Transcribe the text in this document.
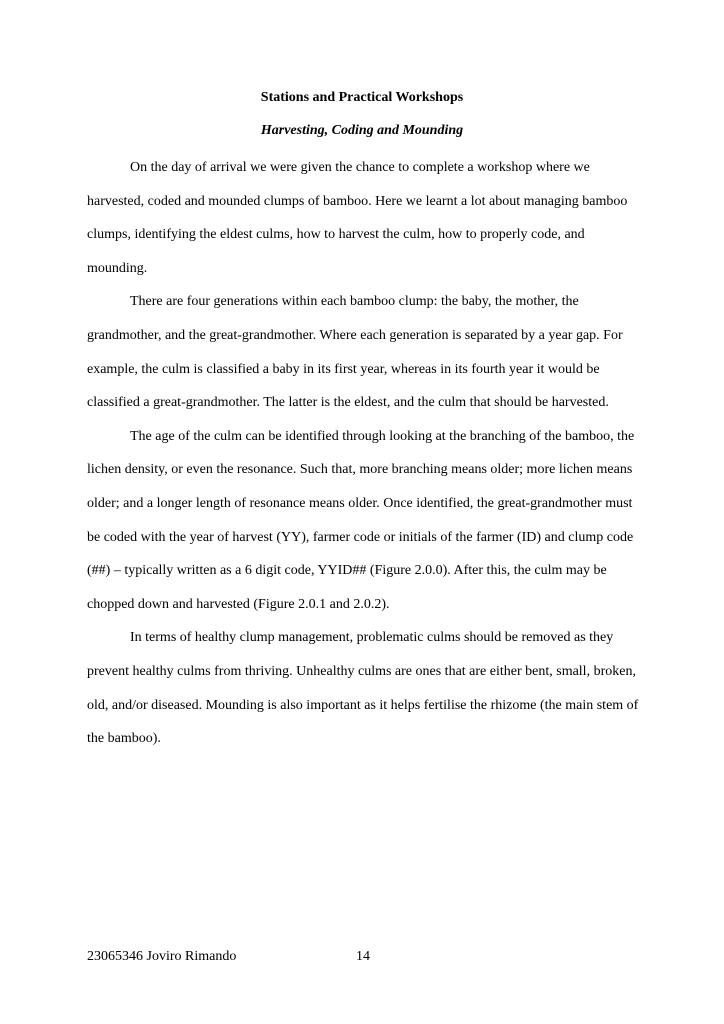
Stations and Practical Workshops

Harvesting, Coding and Mounding

On the day of arrival we were given the chance to complete a workshop where we harvested, coded and mounded clumps of bamboo. Here we learnt a lot about managing bamboo clumps, identifying the eldest culms, how to harvest the culm, how to properly code, and mounding.

There are four generations within each bamboo clump: the baby, the mother, the grandmother, and the great-grandmother. Where each generation is separated by a year gap. For example, the culm is classified a baby in its first year, whereas in its fourth year it would be classified a great-grandmother. The latter is the eldest, and the culm that should be harvested.

The age of the culm can be identified through looking at the branching of the bamboo, the lichen density, or even the resonance. Such that, more branching means older; more lichen means older; and a longer length of resonance means older. Once identified, the great-grandmother must be coded with the year of harvest (YY), farmer code or initials of the farmer (ID) and clump code (##) – typically written as a 6 digit code, YYID## (Figure 2.0.0). After this, the culm may be chopped down and harvested (Figure 2.0.1 and 2.0.2).

In terms of healthy clump management, problematic culms should be removed as they prevent healthy culms from thriving. Unhealthy culms are ones that are either bent, small, broken, old, and/or diseased. Mounding is also important as it helps fertilise the rhizome (the main stem of the bamboo).

23065346 Joviro Rimando	14
